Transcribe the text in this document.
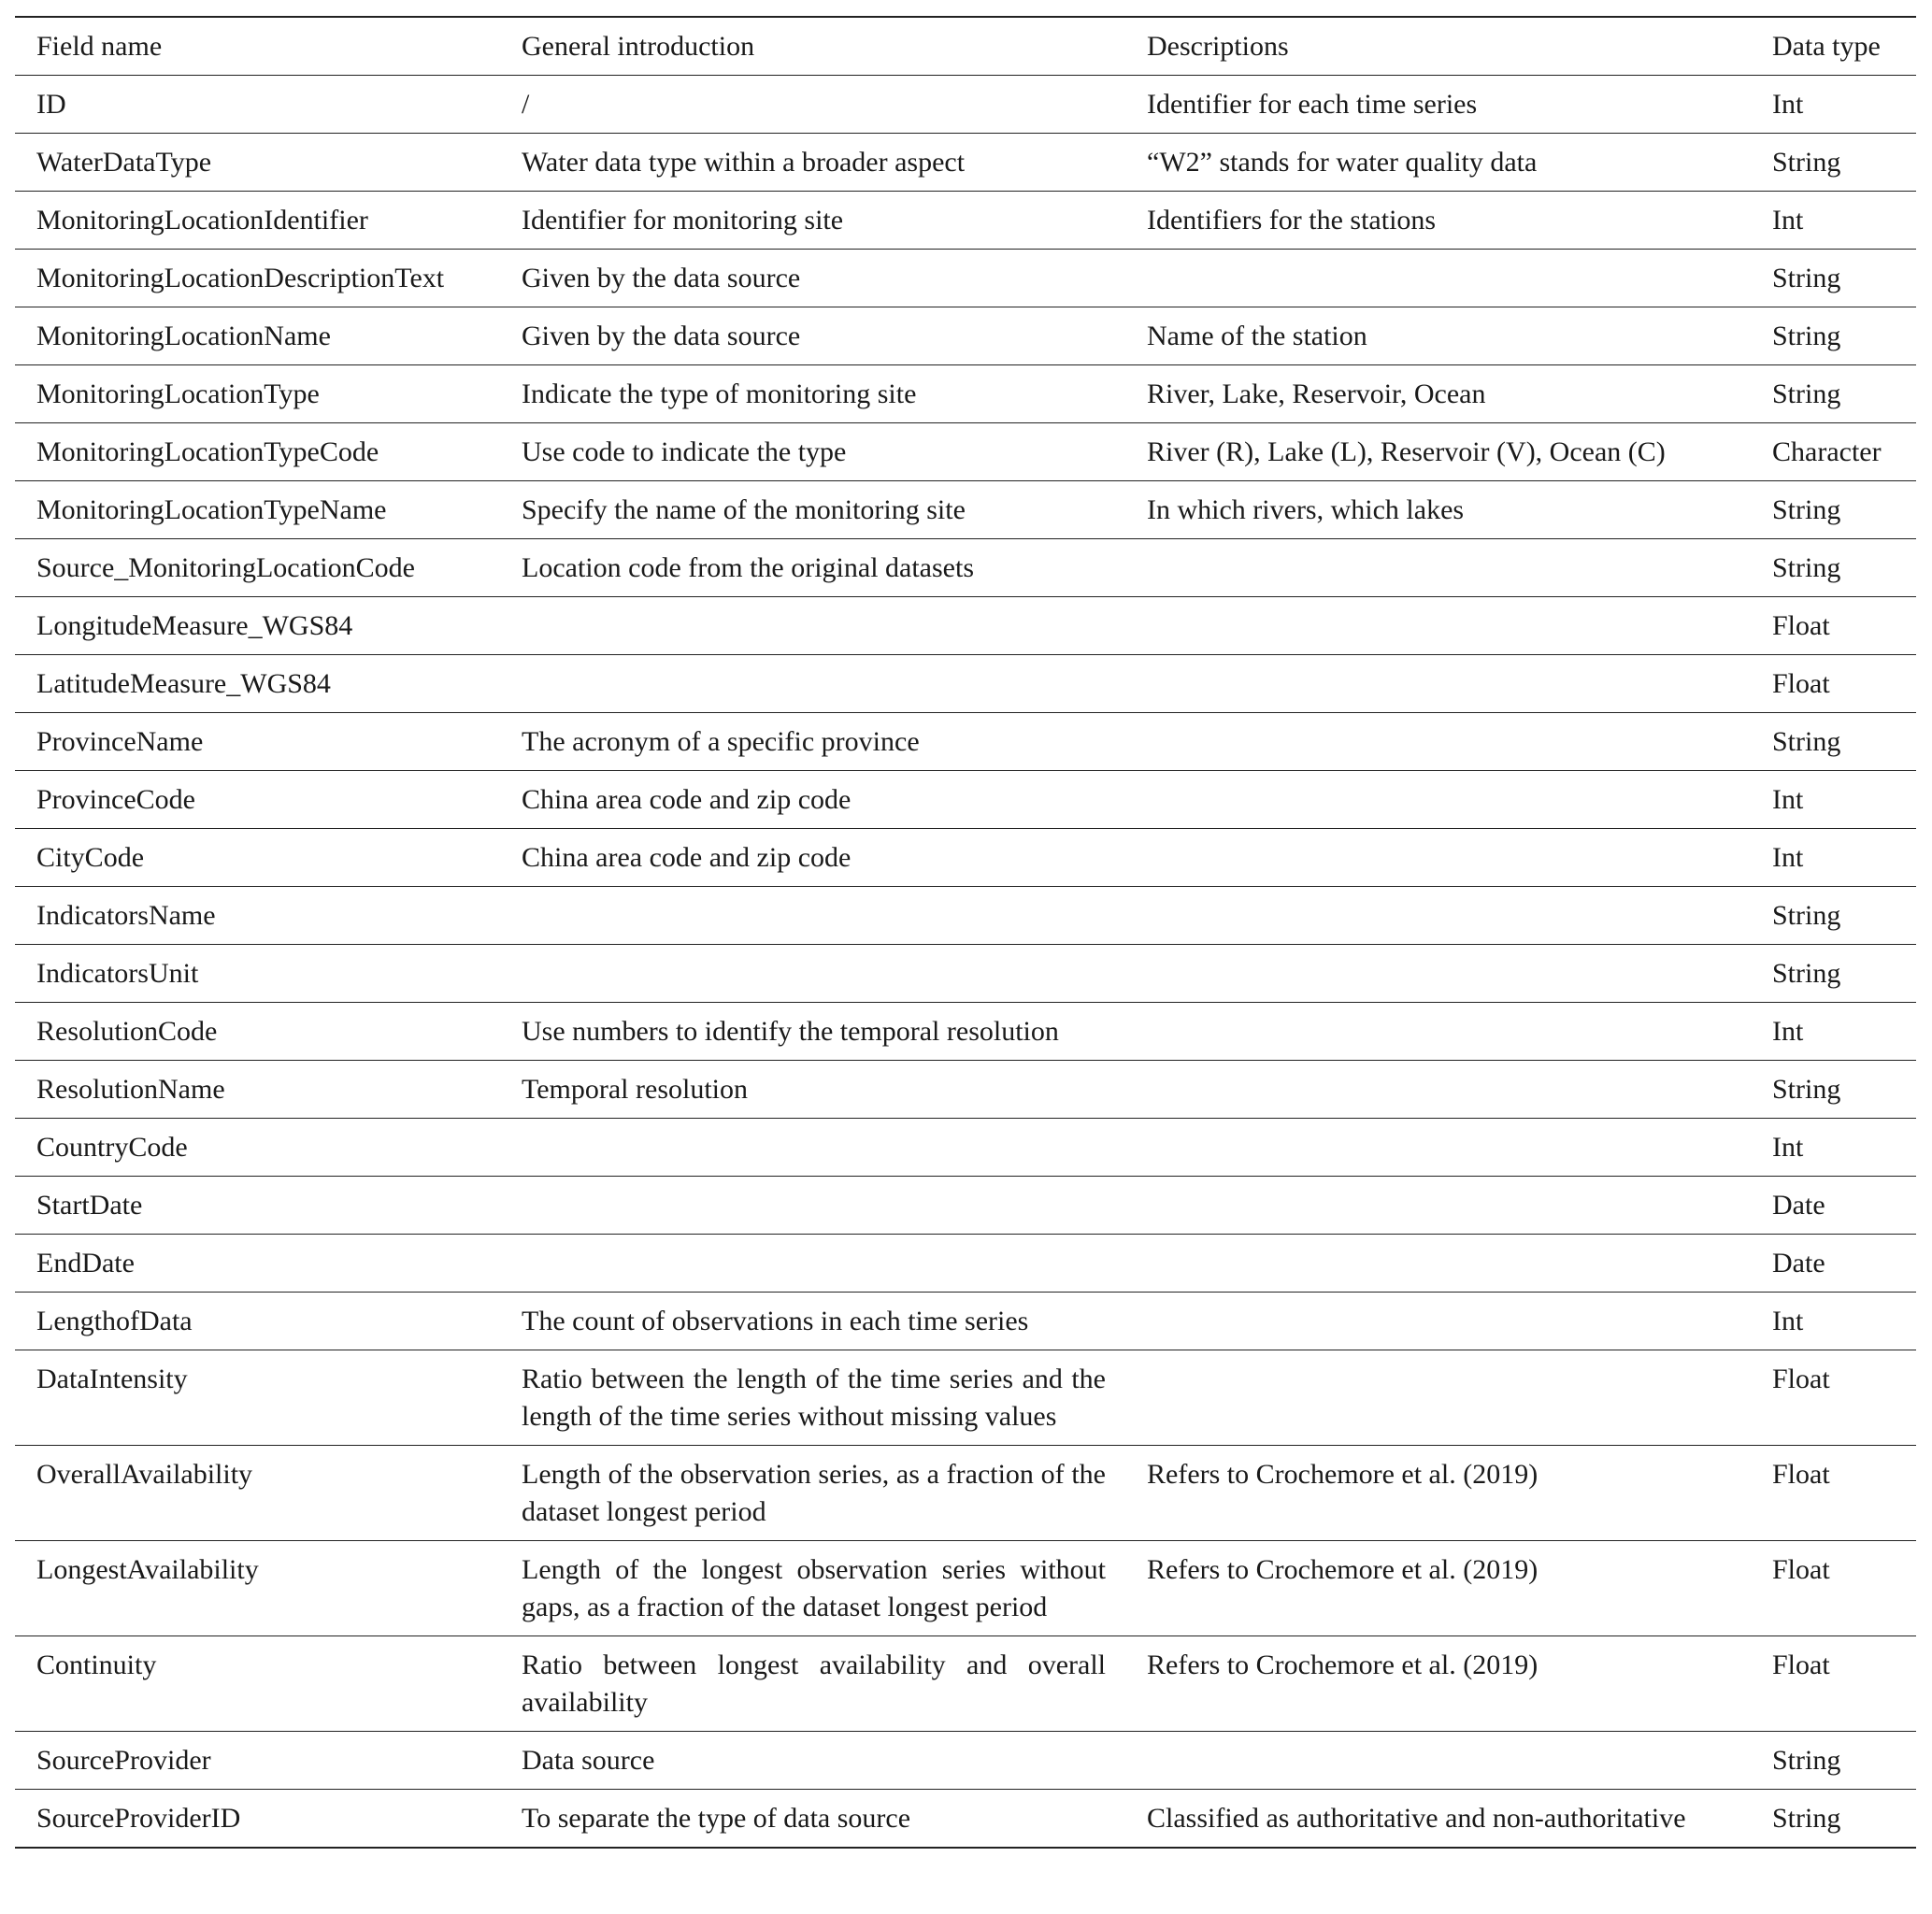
Field name	General introduction	Descriptions	Data type
ID	/	Identifier for each time series	Int
WaterDataType	Water data type within a broader aspect	“W2” stands for water quality data	String
MonitoringLocationIdentifier	Identifier for monitoring site	Identifiers for the stations	Int
MonitoringLocationDescriptionText	Given by the data source		String
MonitoringLocationName	Given by the data source	Name of the station	String
MonitoringLocationType	Indicate the type of monitoring site	River, Lake, Reservoir, Ocean	String
MonitoringLocationTypeCode	Use code to indicate the type	River (R), Lake (L), Reservoir (V), Ocean (C)	Character
MonitoringLocationTypeName	Specify the name of the monitoring site	In which rivers, which lakes	String
Source_MonitoringLocationCode	Location code from the original datasets		String
LongitudeMeasure_WGS84			Float
LatitudeMeasure_WGS84			Float
ProvinceName	The acronym of a specific province		String
ProvinceCode	China area code and zip code		Int
CityCode	China area code and zip code		Int
IndicatorsName			String
IndicatorsUnit			String
ResolutionCode	Use numbers to identify the temporal resolution		Int
ResolutionName	Temporal resolution		String
CountryCode			Int
StartDate			Date
EndDate			Date
LengthofData	The count of observations in each time series		Int
DataIntensity	Ratio between the length of the time series and the length of the time series without missing values		Float
OverallAvailability	Length of the observation series, as a fraction of the dataset longest period	Refers to Crochemore et al. (2019)	Float
LongestAvailability	Length of the longest observation series without gaps, as a fraction of the dataset longest period	Refers to Crochemore et al. (2019)	Float
Continuity	Ratio between longest availability and overall availability	Refers to Crochemore et al. (2019)	Float
SourceProvider	Data source		String
SourceProviderID	To separate the type of data source	Classified as authoritative and non-authoritative	String
